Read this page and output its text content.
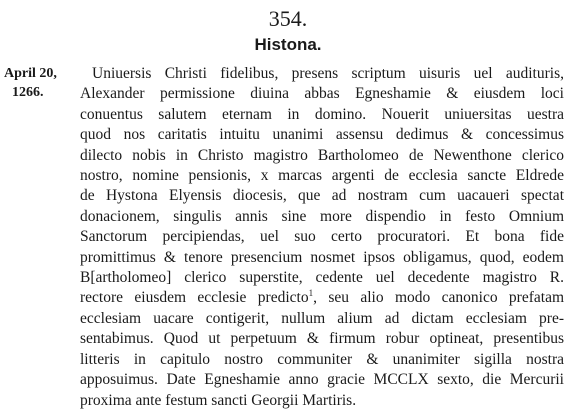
354.
Histona.
April 20,
1266.
Uniuersis Christi fidelibus, presens scriptum uisuris uel audituris,
Alexander permissione diuina abbas Egneshamie & eiusdem loci
conuentus salutem eternam in domino. Nouerit uniuersitas uestra
quod nos caritatis intuitu unanimi assensu dedimus & concessimus
dilecto nobis in Christo magistro Bartholomeo de Newenthone clerico
nostro, nomine pensionis, x marcas argenti de ecclesia sancte Eldrede
de Hystona Elyensis diocesis, que ad nostram cum uacaueri spectat
donacionem, singulis annis sine more dispendio in festo Omnium
Sanctorum percipiendas, uel suo certo procuratori. Et bona fide
promittimus & tenore presencium nosmet ipsos obligamus, quod, eodem
B[artholomeo] clerico superstite, cedente uel decedente magistro R.
rectore eiusdem ecclesie predicto$^1$, seu alio modo canonico prefatam
ecclesiam uacare contigerit, nullum alium ad dictam ecclesiam pre-
sentabimus. Quod ut perpetuum & firmum robur optineat, presentibus
litteris in capitulo nostro communiter & unanimiter sigilla nostra
apposuimus. Date Egneshamie anno gracie MCCLX sexto, die Mercurii
proxima ante festum sancti Georgii Martiris.
